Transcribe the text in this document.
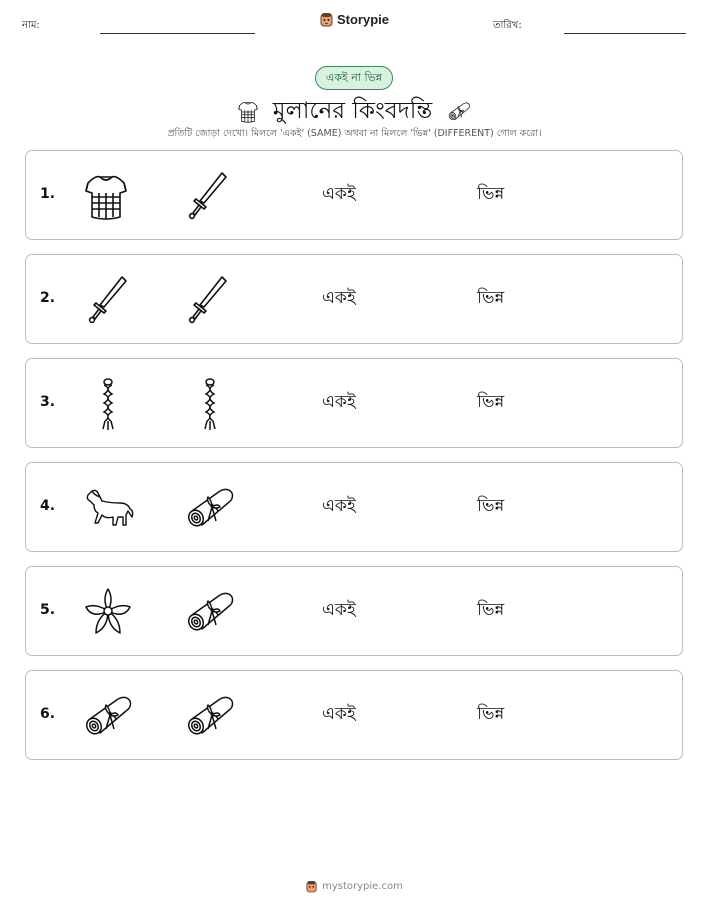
নাম:	Storypie	তারিখ:
একই না ভিন্ন
মুলানের কিংবদন্তি
প্রতিটি জোড়া দেখো। মিললে 'একই' (SAME) অথবা না মিললে 'ভিন্ন' (DIFFERENT) গোল করো।
1.	একই	ভিন্ন
2.	একই	ভিন্ন
3.	একই	ভিন্ন
4.	একই	ভিন্ন
5.	একই	ভিন্ন
6.	একই	ভিন্ন
mystorypie.com
